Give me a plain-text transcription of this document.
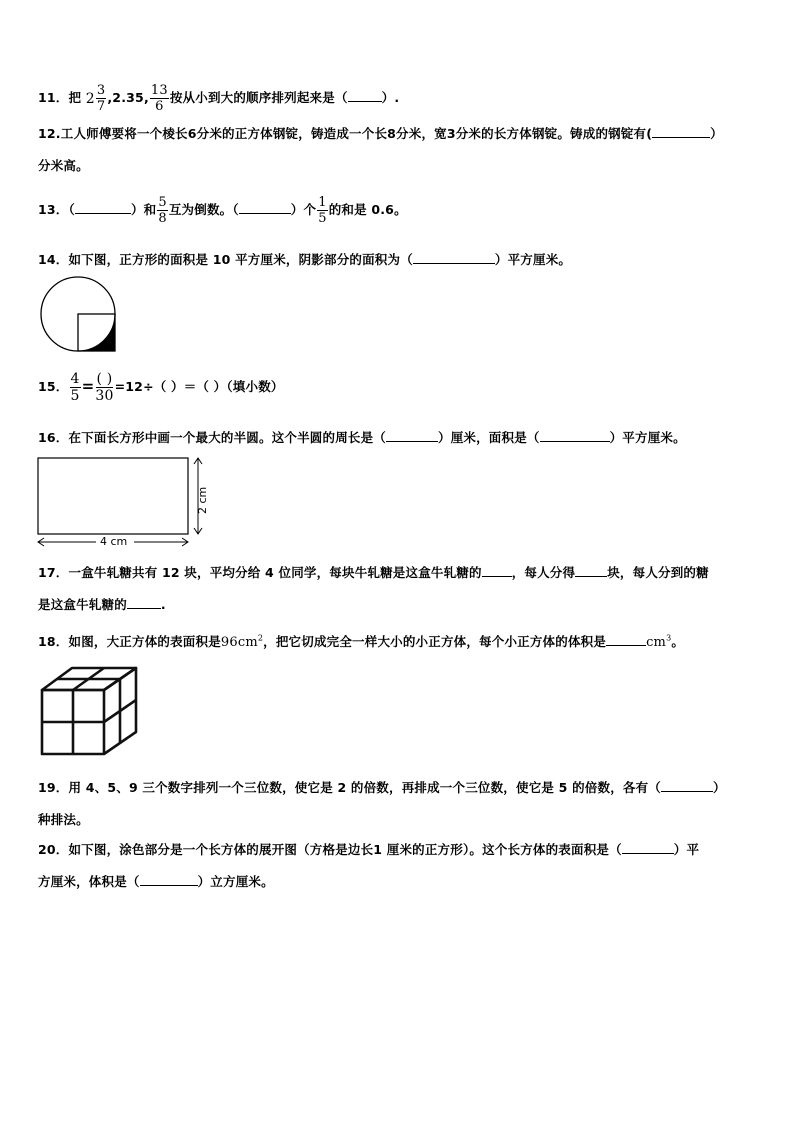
11．把 $2 \frac{3}{7} ,2.35$, $\frac{13}{6}$ 按从小到大的顺序排列起来是（	）.
12.工人师傅要将一个棱长6分米的正方体钢锭，铸造成一个长8分米，宽3分米的长方体钢锭。铸成的钢锭有(	）
分米高。
13．（	）和 $\frac{5}{8}$ 互为倒数。（	）个 $\frac{1}{5}$ 的和是 0.6。
14．如下图，正方形的面积是 10 平方厘米，阴影部分的面积为（	）平方厘米。
15． $\frac{4}{5} = \frac{( )}{30} =12\div$（ ）＝（ ）（填小数）
16．在下面长方形中画一个最大的半圆。这个半圆的周长是（	）厘米，面积是（	）平方厘米。
2 cm
4 cm
17．一盒牛轧糖共有 12 块，平均分给 4 位同学，每块牛轧糖是这盒牛轧糖的 ，每人分得	块，每人分到的糖
是这盒牛轧糖的	.
18．如图，大正方体的表面积是$96cm^2$，把它切成完全一样大小的小正方体，每个小正方体的体积是	$cm^3$。
19．用 4、5、9 三个数字排列一个三位数，使它是 2 的倍数，再排成一个三位数，使它是 5 的倍数，各有（	）
种排法。
20．如下图，涂色部分是一个长方体的展开图（方格是边长1 厘米的正方形）。这个长方体的表面积是（	）平
方厘米，体积是（	）立方厘米。
